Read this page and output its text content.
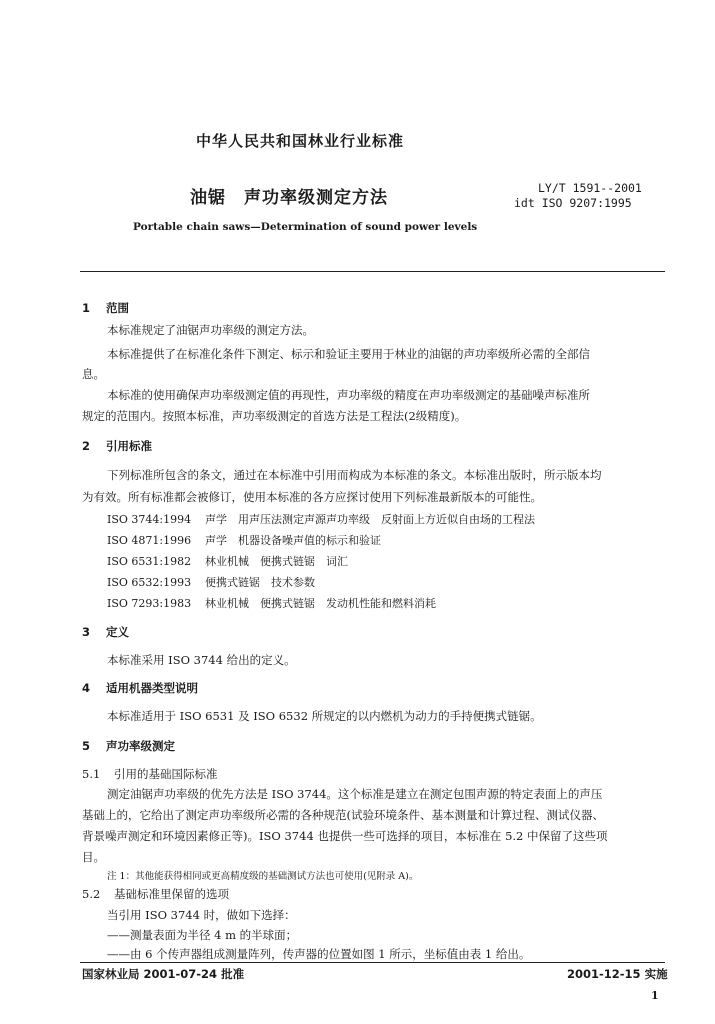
中华人民共和国林业行业标准
油锯　声功率级测定方法	LY/T 1591--2001
idt ISO 9207:1995
Portable chain saws—Determination of sound power levels
1 范围
本标准规定了油锯声功率级的测定方法。
本标准提供了在标准化条件下测定、标示和验证主要用于林业的油锯的声功率级所必需的全部信
息。
本标准的使用确保声功率级测定值的再现性，声功率级的精度在声功率级测定的基础噪声标准所
规定的范围内。按照本标准，声功率级测定的首选方法是工程法(2级精度)。
2 引用标准
下列标准所包含的条文，通过在本标准中引用而构成为本标准的条文。本标准出版时，所示版本均
为有效。所有标准都会被修订，使用本标准的各方应探讨使用下列标准最新版本的可能性。
ISO 3744:1994 声学　用声压法测定声源声功率级　反射面上方近似自由场的工程法
ISO 4871:1996 声学　机器设备噪声值的标示和验证
ISO 6531:1982 林业机械　便携式链锯　词汇
ISO 6532:1993 便携式链锯　技术参数
ISO 7293:1983 林业机械　便携式链锯　发动机性能和燃料消耗
3 定义
本标准采用 ISO 3744 给出的定义。
4 适用机器类型说明
本标准适用于 ISO 6531 及 ISO 6532 所规定的以内燃机为动力的手持便携式链锯。
5 声功率级测定
5.1 引用的基础国际标准
测定油锯声功率级的优先方法是 ISO 3744。这个标准是建立在测定包围声源的特定表面上的声压
基础上的，它给出了测定声功率级所必需的各种规范(试验环境条件、基本测量和计算过程、测试仪器、
背景噪声测定和环境因素修正等)。ISO 3744 也提供一些可选择的项目，本标准在 5.2 中保留了这些项
目。
注 1：其他能获得相同或更高精度级的基础测试方法也可使用(见附录 A)。
5.2 基础标准里保留的选项
当引用 ISO 3744 时，做如下选择：
——测量表面为半径 4 m 的半球面；
——由 6 个传声器组成测量阵列，传声器的位置如图 1 所示，坐标值由表 1 给出。
国家林业局 2001-07-24 批准	2001-12-15 实施
1
